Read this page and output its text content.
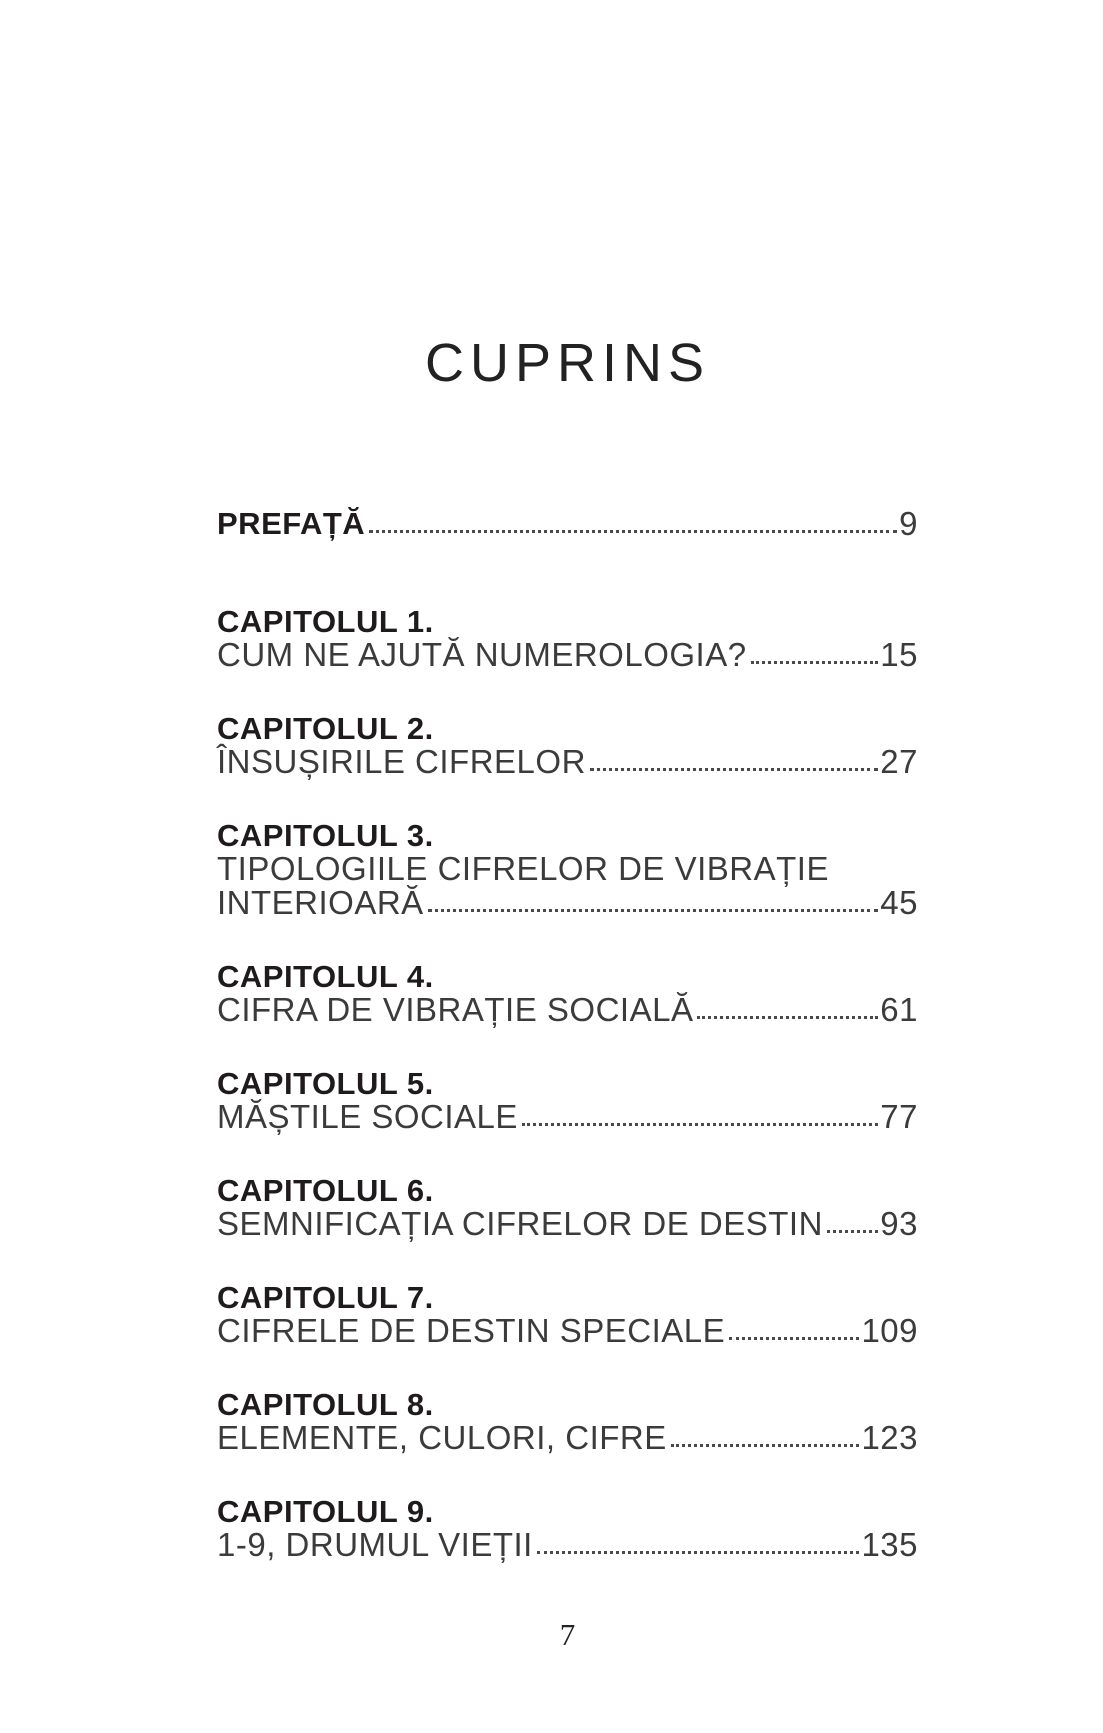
CUPRINS
PREFAȚĂ	9
CAPITOLUL 1.
CUM NE AJUTĂ NUMEROLOGIA?	15
CAPITOLUL 2.
ÎNSUȘIRILE CIFRELOR	27
CAPITOLUL 3.
TIPOLOGIILE CIFRELOR DE VIBRAȚIE
INTERIOARĂ	45
CAPITOLUL 4.
CIFRA DE VIBRAȚIE SOCIALĂ	61
CAPITOLUL 5.
MĂȘTILE SOCIALE	77
CAPITOLUL 6.
SEMNIFICAȚIA CIFRELOR DE DESTIN 93
CAPITOLUL 7.
CIFRELE DE DESTIN SPECIALE	109
CAPITOLUL 8.
ELEMENTE, CULORI, CIFRE	123
CAPITOLUL 9.
1-9, DRUMUL VIEȚII	135
7
